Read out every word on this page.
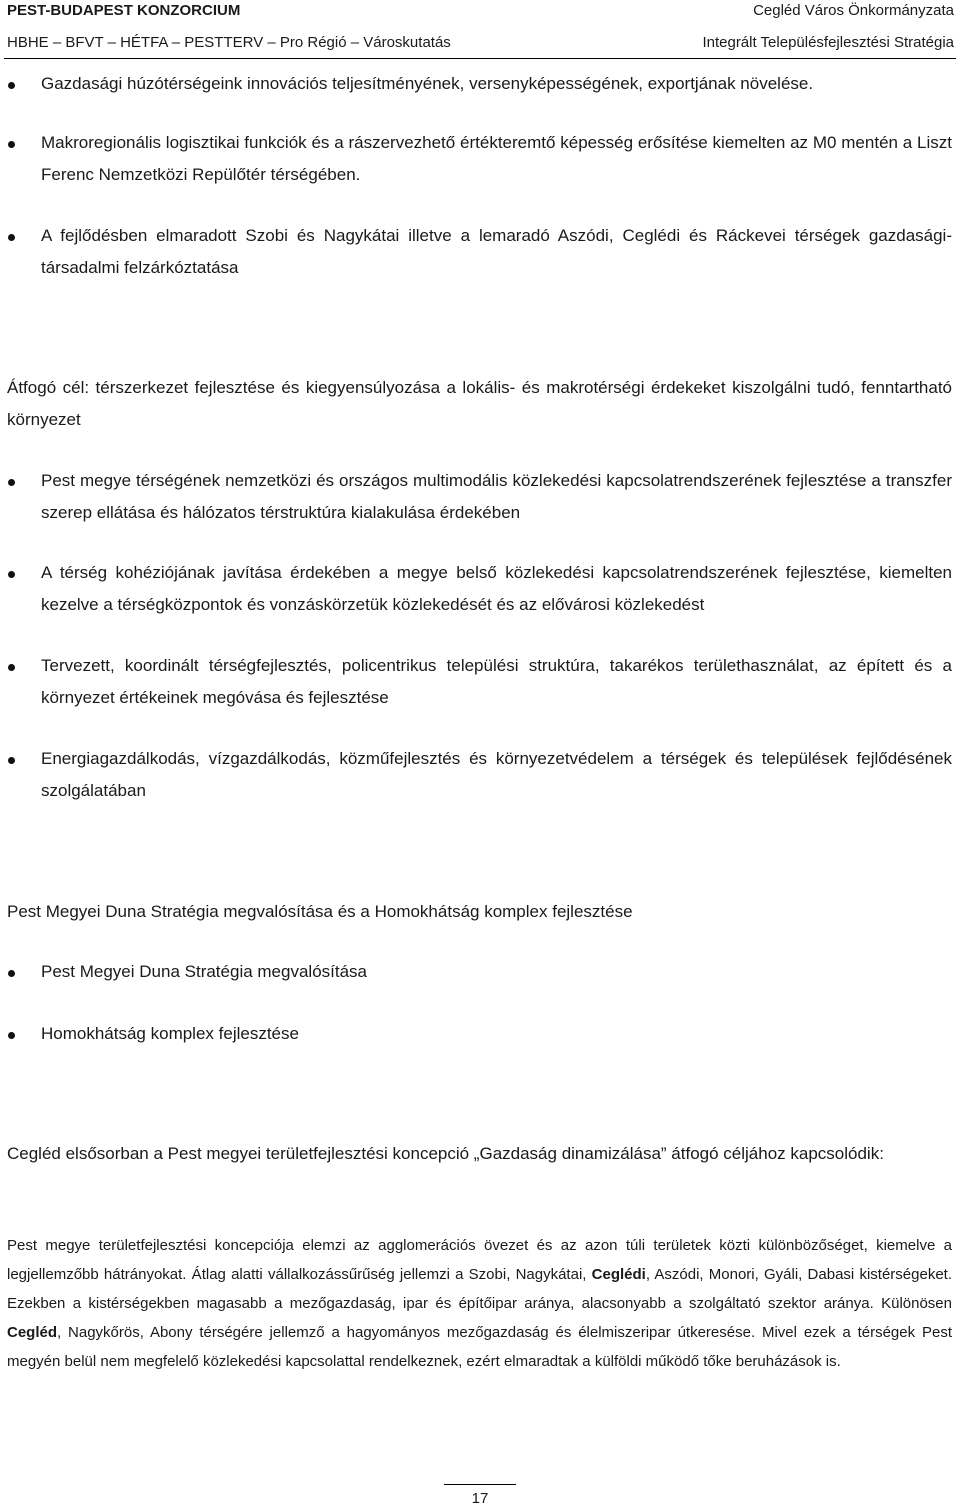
PEST-BUDAPEST KONZORCIUM	Cegléd Város Önkormányzata
HBHE – BFVT – HÉTFA – PESTTERV – Pro Régió – Városkutatás	Integrált Településfejlesztési Stratégia
Gazdasági húzótérségeink innovációs teljesítményének, versenyképességének, exportjának növelése.
Makroregionális logisztikai funkciók és a rászervezhető értékteremtő képesség erősítése kiemelten az M0 mentén a Liszt Ferenc Nemzetközi Repülőtér térségében.
A fejlődésben elmaradott Szobi és Nagykátai illetve a lemaradó Aszódi, Ceglédi és Ráckevei térségek gazdasági-társadalmi felzárkóztatása
Átfogó cél: térszerkezet fejlesztése és kiegyensúlyozása a lokális- és makrotérségi érdekeket kiszolgálni tudó, fenntartható környezet
Pest megye térségének nemzetközi és országos multimodális közlekedési kapcsolatrendszerének fejlesztése a transzfer szerep ellátása és hálózatos térstruktúra kialakulása érdekében
A térség kohéziójának javítása érdekében a megye belső közlekedési kapcsolatrendszerének fejlesztése, kiemelten kezelve a térségközpontok és vonzáskörzetük közlekedését és az elővárosi közlekedést
Tervezett, koordinált térségfejlesztés, policentrikus települési struktúra, takarékos területhasználat, az épített és a környezet értékeinek megóvása és fejlesztése
Energiagazdálkodás, vízgazdálkodás, közműfejlesztés és környezetvédelem a térségek és települések fejlődésének szolgálatában
Pest Megyei Duna Stratégia megvalósítása és a Homokhátság komplex fejlesztése
Pest Megyei Duna Stratégia megvalósítása
Homokhátság komplex fejlesztése
Cegléd elsősorban a Pest megyei területfejlesztési koncepció „Gazdaság dinamizálása” átfogó céljához kapcsolódik:
Pest megye területfejlesztési koncepciója elemzi az agglomerációs övezet és az azon túli területek közti különbözőséget, kiemelve a legjellemzőbb hátrányokat. Átlag alatti vállalkozássűrűség jellemzi a Szobi, Nagykátai, Ceglédi, Aszódi, Monori, Gyáli, Dabasi kistérségeket. Ezekben a kistérségekben magasabb a mezőgazdaság, ipar és építőipar aránya, alacsonyabb a szolgáltató szektor aránya. Különösen Cegléd, Nagykőrös, Abony térségére jellemző a hagyományos mezőgazdaság és élelmiszeripar útkeresése. Mivel ezek a térségek Pest megyén belül nem megfelelő közlekedési kapcsolattal rendelkeznek, ezért elmaradtak a külföldi működő tőke beruházások is.
17
